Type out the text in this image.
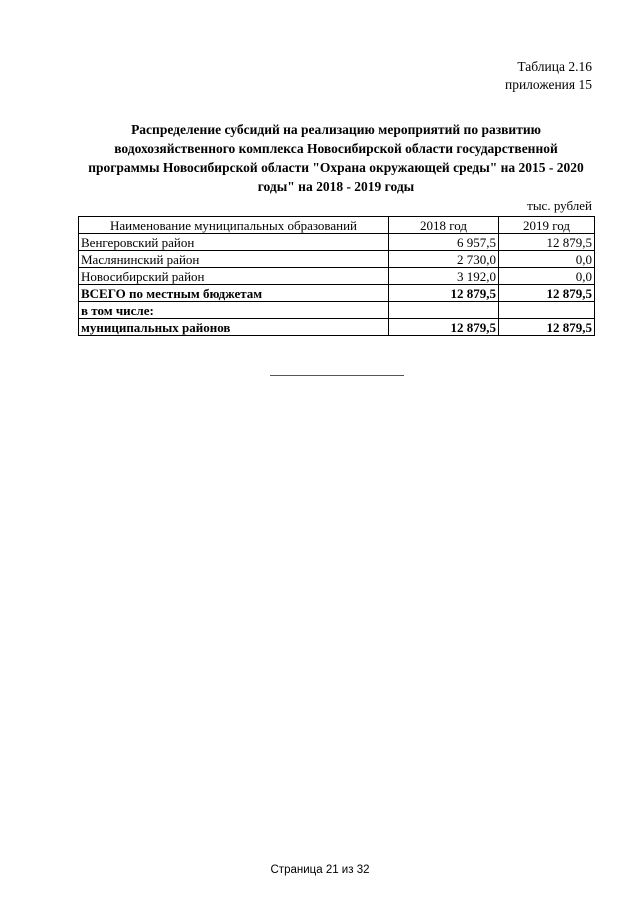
Таблица 2.16
приложения 15
Распределение субсидий на реализацию мероприятий по развитию водохозяйственного комплекса Новосибирской области государственной программы Новосибирской области "Охрана окружающей среды" на 2015 - 2020 годы" на 2018 - 2019 годы
тыс. рублей
Наименование муниципальных образований	2018 год	2019 год
Венгеровский район	6 957,5	12 879,5
Маслянинский район	2 730,0	0,0
Новосибирский район	3 192,0	0,0
ВСЕГО по местным бюджетам	12 879,5	12 879,5
в том числе:		
муниципальных районов	12 879,5	12 879,5
Страница 21 из 32
